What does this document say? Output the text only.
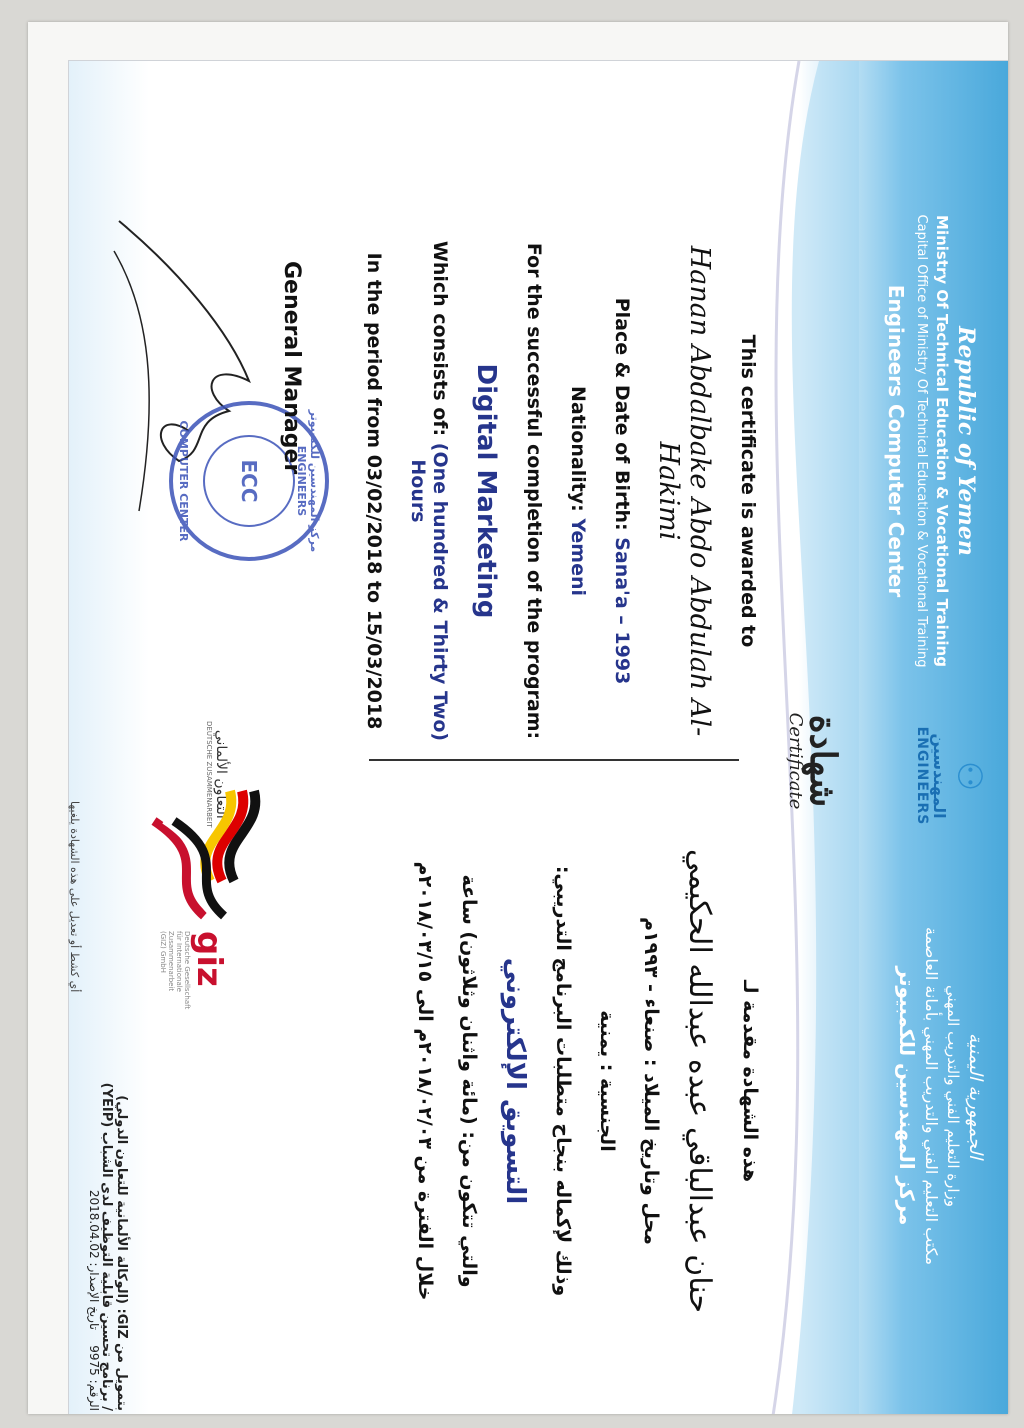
Republic of Yemen
Ministry Of Technical Education & Vocational Training
Capital Office of Ministry Of Technical Education & Vocational Training
Engineers Computer Center
⚇
المهندسين
ENGINEERS
الجمهورية اليمنية
وزارة التعليم الفني والتدريب المهني
مكتب التعليم الفني والتدريب المهني بأمانة العاصمة
مركز المهندسين للكمبيوتر
شهادة
Certificate
This certificate is awarded to
Hanan Abdalbake Abdo Abdulah Al-Hakimi
Place & Date of Birth: Sana'a – 1993
Nationality: Yemeni
For the successful completion of the program:
Digital Marketing
Which consists of: (One hundred & Thirty Two) Hours
In the period from 03/02/2018 to 15/03/2018
هذه الشهادة مقدمة لـ
حنان عبدالباقي عبده عبدالله الحكيمي
محل وتاريخ الميلاد : صنعاء - ١٩٩٣م
الجنسية : يمنية
وذلك لإكماله بنجاح متطلبات البرنامج التدريبي:
التسويق الإلكتروني
والتي تتكون من: (مائة واثنان وثلاثون) ساعة
خلال الفترة من ٢٠١٨/٠٢/٠٣م الى ٢٠١٨/٠٣/١٥م
مركز المهندسين للكمبيوتر ENGINEERS
ECC
COMPUTER CENTER
General Manager
التعاون الألماني
DEUTSCHE ZUSAMMENARBEIT
giz
Deutsche Gesellschaft für Internationale Zusammenarbeit (GIZ) GmbH
بتمويل من GIZ: (الوكالة الألمانية للتعاون الدولي)
/ برنامج تحسين قابلية التوظيف لدى الشباب (YEIP)
الرقم: 9975    تاريخ الإصدار: 2018.04.02
أي كشط أو تعديل على هذه الشهادة يلغيها
